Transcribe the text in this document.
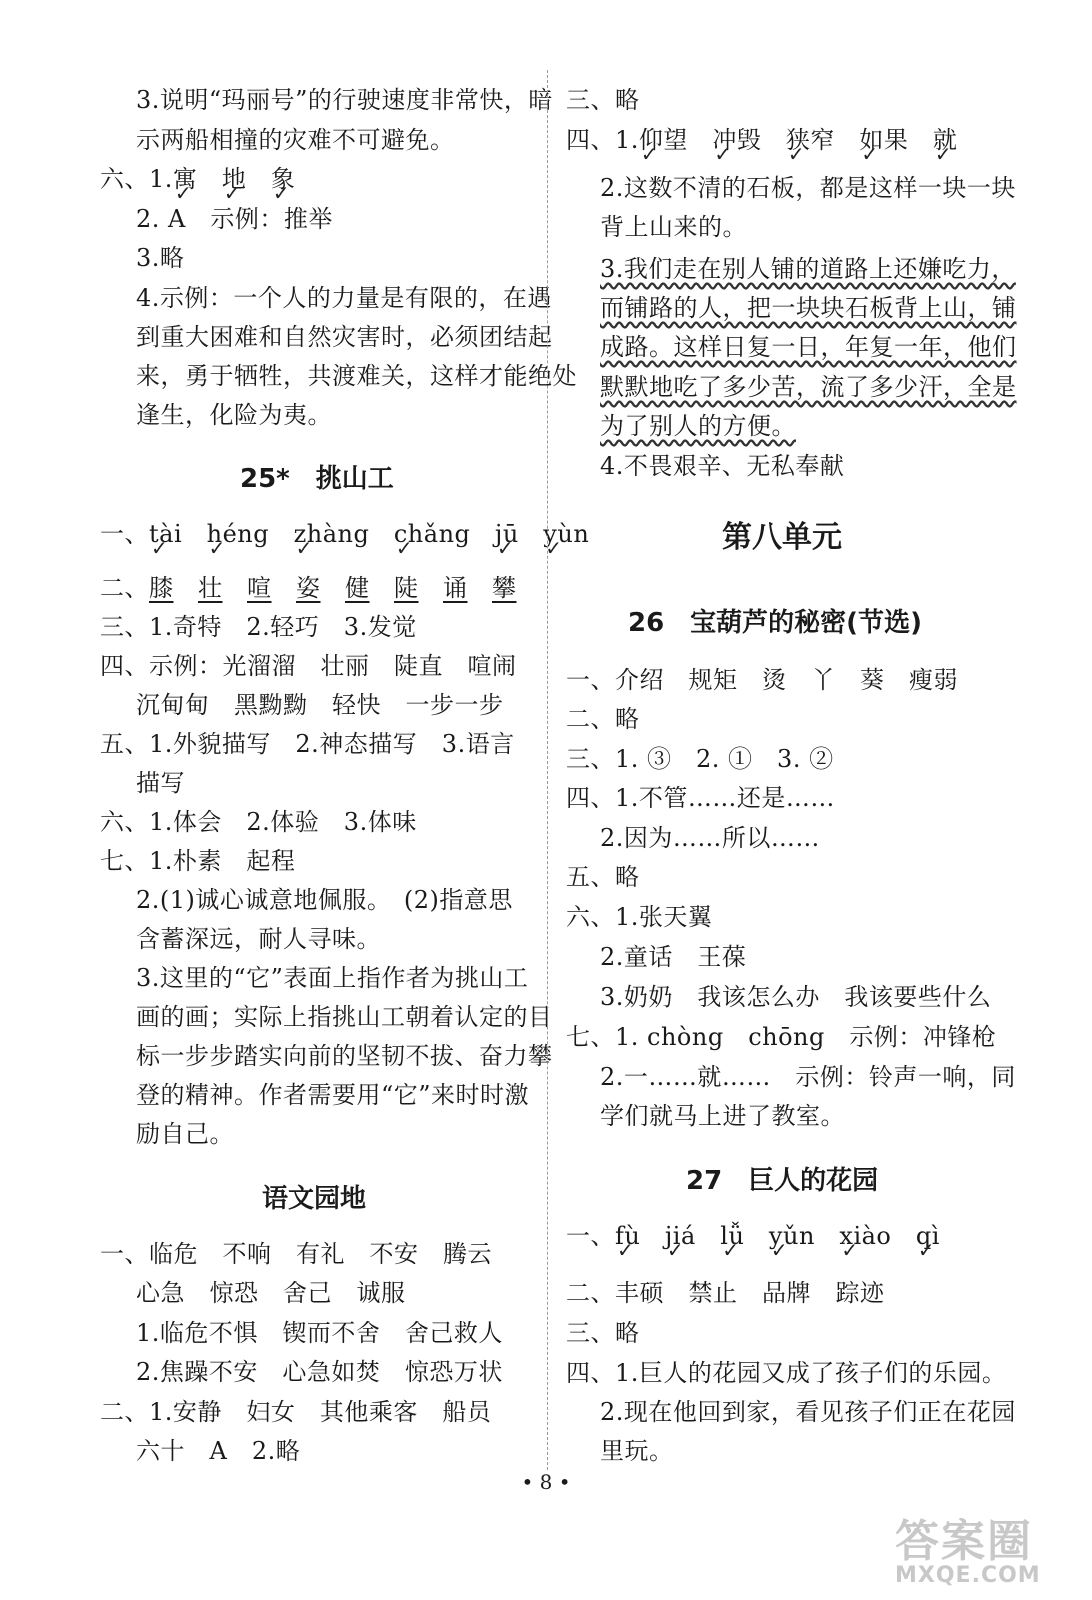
3.说明“玛丽号”的行驶速度非常快，暗
示两船相撞的灾难不可避免。
六、1.寓 ✓　 地 ✓　 象 ✓
2. A　示例：推举
3.略
4.示例：一个人的力量是有限的，在遇
到重大困难和自然灾害时，必须团结起
来，勇于牺牲，共渡难关，这样才能绝处
逢生，化险为夷。
25*　挑山工
一、tài ✓　 héng ✓　 zhàng ✓　 chǎng ✓　 jū ✓　 yùn ✓
二、膝　 壮　 喧　 姿　 健　 陡　 诵　 攀
三、1.奇特　2.轻巧　3.发觉
四、示例：光溜溜　壮丽　陡直　喧闹
沉甸甸　黑黝黝　轻快　一步一步
五、1.外貌描写　2.神态描写　3.语言
描写
六、1.体会　2.体验　3.体味
七、1.朴素　起程
2.(1)诚心诚意地佩服。　(2)指意思
含蓄深远，耐人寻味。
3.这里的“它”表面上指作者为挑山工
画的画；实际上指挑山工朝着认定的目
标一步步踏实向前的坚韧不拔、奋力攀
登的精神。作者需要用“它”来时时激
励自己。
语文园地
一、临危　不响　有礼　不安　腾云
心急　惊恐　舍己　诚服
1.临危不惧　锲而不舍　舍己救人
2.焦躁不安　心急如焚　惊恐万状
二、1.安静　妇女　其他乘客　船员
六十　A　2.略
三、略
四、1.仰望 ✓　 冲毁 ✓　 狭窄 ✓　 如果 ✓　 就 ✓
2.这数不清的石板，都是这样一块一块
背上山来的。
3.我们走在别人铺的道路上还嫌吃力，
而铺路的人，把一块块石板背上山，铺
成路。这样日复一日，年复一年，他们
默默地吃了多少苦，流了多少汗，全是
为了别人的方便。
4.不畏艰辛、无私奉献
第八单元
26　宝葫芦的秘密(节选)
一、介绍　规矩　烫　丫　葵　瘦弱
二、略
三、1. ③　2. ①　3. ②
四、1.不管……还是……
2.因为……所以……
五、略
六、1.张天翼
2.童话　王葆
3.奶奶　我该怎么办　我该要些什么
七、1. chòng　chōng　示例：冲锋枪
2.一……就……　示例：铃声一响，同
学们就马上进了教室。
27　巨人的花园
一、fù ✓　 jiá ✓　 lǚ ✓　 yǔn ✓　 xiào ✓　 qì ✓
二、丰硕　禁止　品牌　踪迹
三、略
四、1.巨人的花园又成了孩子们的乐园。
2.现在他回到家，看见孩子们正在花园
里玩。
• 8 •
答案圈
MXQE.COM
